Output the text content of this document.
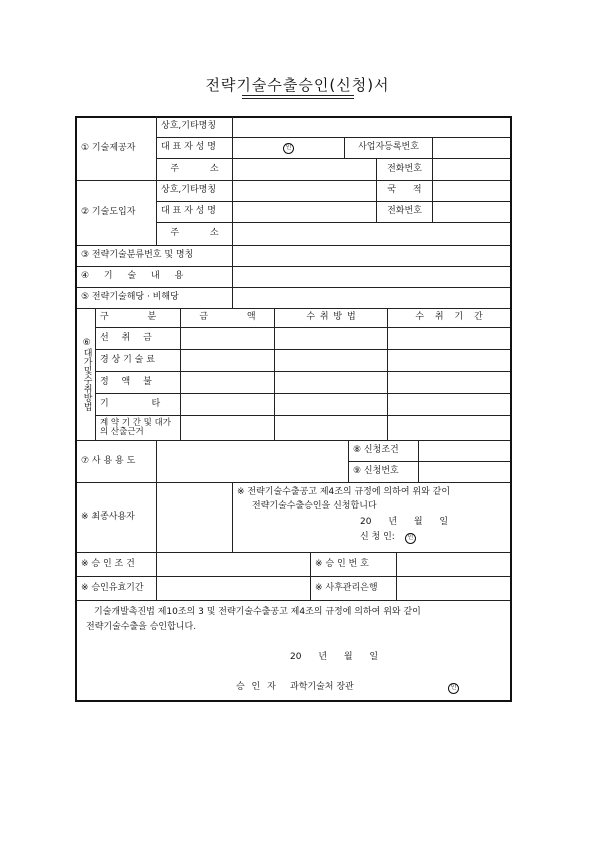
전략기술수출승인(신청)서
① 기술제공자
상호,기타명칭
대 표 자 성 명	인	사업자등록번호
주 소	전화번호
② 기술도입자
상호,기타명칭	국 적
대 표 자 성 명	전화번호
주 소
③ 전략기술분류번호 및 명칭
④ 기 술 내 용
⑤ 전략기술해당 · 비해당
⑥대가및수취방법
구 분	금 액	수 취 방 법	수 취 기 간
선 취 금
경 상 기 술 료
정 액 불
기 타
계 약 기 간 및 대가의 산출근거
⑦ 사 용 용 도
⑧ 신청조건
⑨ 신청번호
※ 최종사용자
※ 전략기술수출공고 제4조의 규정에 의하여 위와 같이
전략기술수출승인을 신청합니다
20 년 월 일
신 청 인:	인
※ 승 인 조 건	※ 승 인 번 호
※ 승인유효기간	※ 사후관리은행
기술개발촉진법 제10조의 3 및 전략기술수출공고 제4조의 규정에 의하여 위와 같이
전략기술수출을 승인합니다.
20 년 월 일
승 인 자	과학기술처 장관	인
